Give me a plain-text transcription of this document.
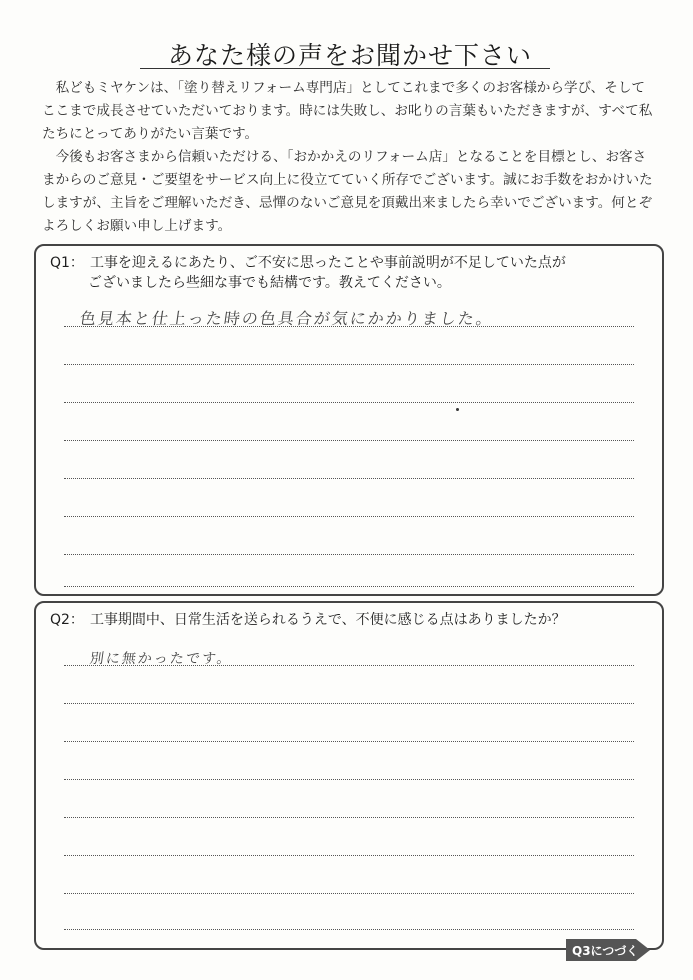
あなた様の声をお聞かせ下さい

私どもミヤケンは、「塗り替えリフォーム専門店」としてこれまで多くのお客様から学び、そしてここまで成長させていただいております。時には失敗し、お叱りの言葉もいただきますが、すべて私たちにとってありがたい言葉です。

今後もお客さまから信頼いただける、「おかかえのリフォーム店」となることを目標とし、お客さまからのご意見・ご要望をサービス向上に役立てていく所存でございます。誠にお手数をおかけいたしますが、主旨をご理解いただき、忌憚のないご意見を頂戴出来ましたら幸いでございます。何とぞよろしくお願い申し上げます。

Q1： 工事を迎えるにあたり、ご不安に思ったことや事前説明が不足していた点が
ございましたら些細な事でも結構です。教えてください。
色見本と仕上った時の色具合が気にかかりました。
Q2： 工事期間中、日常生活を送られるうえで、不便に感じる点はありましたか？
別に無かったです。
Q3につづく
